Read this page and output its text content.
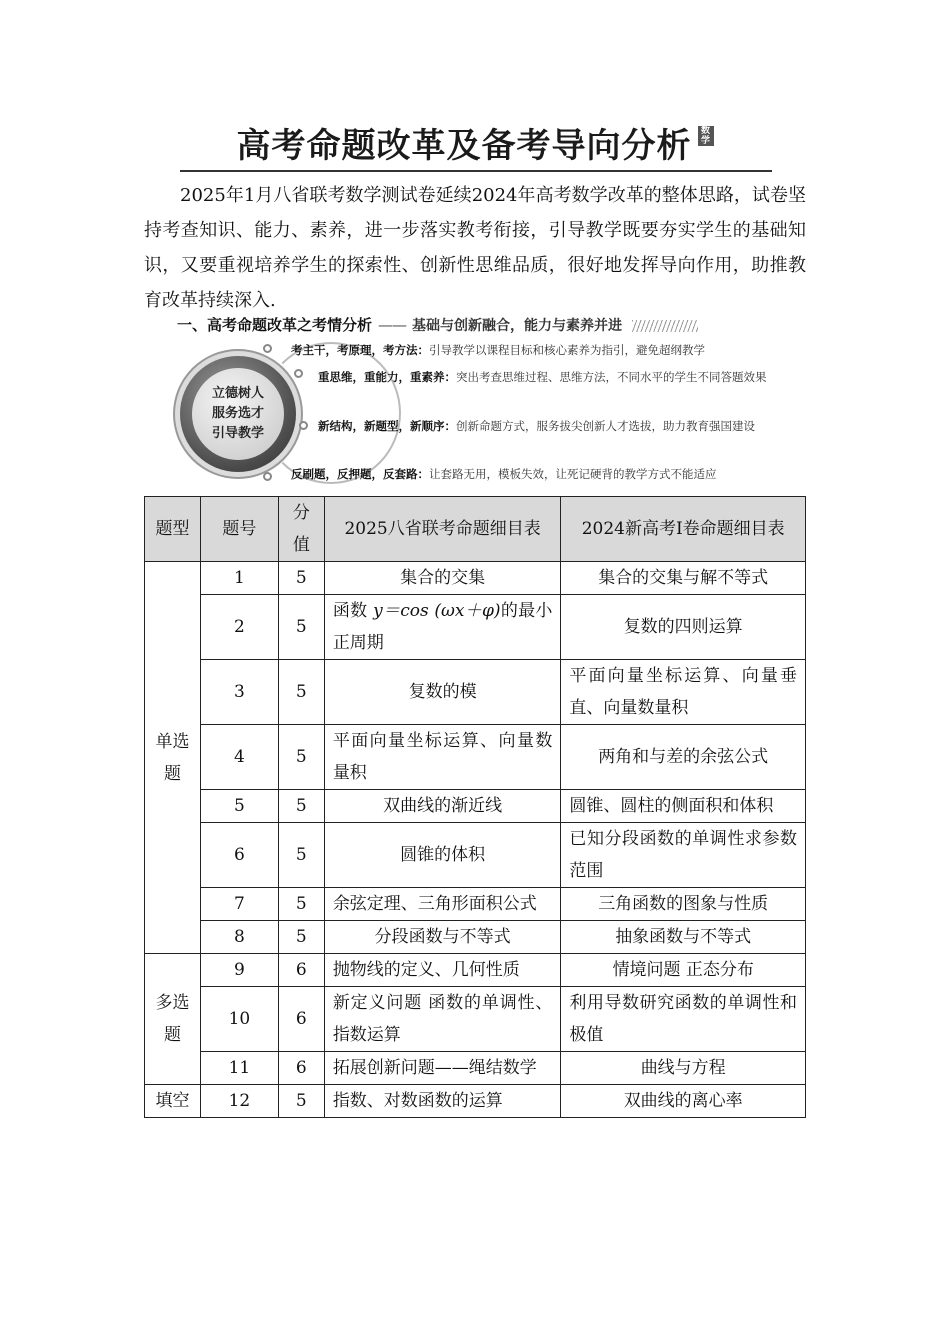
高考命题改革及备考导向分析 数学

2025年1月八省联考数学测试卷延续2024年高考数学改革的整体思路，试卷坚持考查知识、能力、素养，进一步落实教考衔接，引导教学既要夯实学生的基础知识，又要重视培养学生的探索性、创新性思维品质，很好地发挥导向作用，助推教育改革持续深入.

一、高考命题改革之考情分析 —— 基础与创新融合，能力与素养并进
立德树人
服务选才
引导教学
考主干，考原理，考方法：引导教学以课程目标和核心素养为指引，避免超纲教学
重思维，重能力，重素养：突出考查思维过程、思维方法，不同水平的学生不同答题效果
新结构，新题型，新顺序：创新命题方式，服务拔尖创新人才选拔，助力教育强国建设
反刷题，反押题，反套路：让套路无用，模板失效，让死记硬背的教学方式不能适应
题型	题号	分值	2025八省联考命题细目表	2024新高考Ⅰ卷命题细目表
单选题	1	5	集合的交集	集合的交集与解不等式
	2	5	函数 y＝cos (ωx＋φ)的最小正周期	复数的四则运算
	3	5	复数的模	平面向量坐标运算、向量垂直、向量数量积
	4	5	平面向量坐标运算、向量数量积	两角和与差的余弦公式
	5	5	双曲线的渐近线	圆锥、圆柱的侧面积和体积
	6	5	圆锥的体积	已知分段函数的单调性求参数范围
	7	5	余弦定理、三角形面积公式	三角函数的图象与性质
	8	5	分段函数与不等式	抽象函数与不等式
多选题	9	6	抛物线的定义、几何性质	情境问题 正态分布
	10	6	新定义问题 函数的单调性、指数运算	利用导数研究函数的单调性和极值
	11	6	拓展创新问题——绳结数学	曲线与方程
填空	12	5	指数、对数函数的运算	双曲线的离心率
